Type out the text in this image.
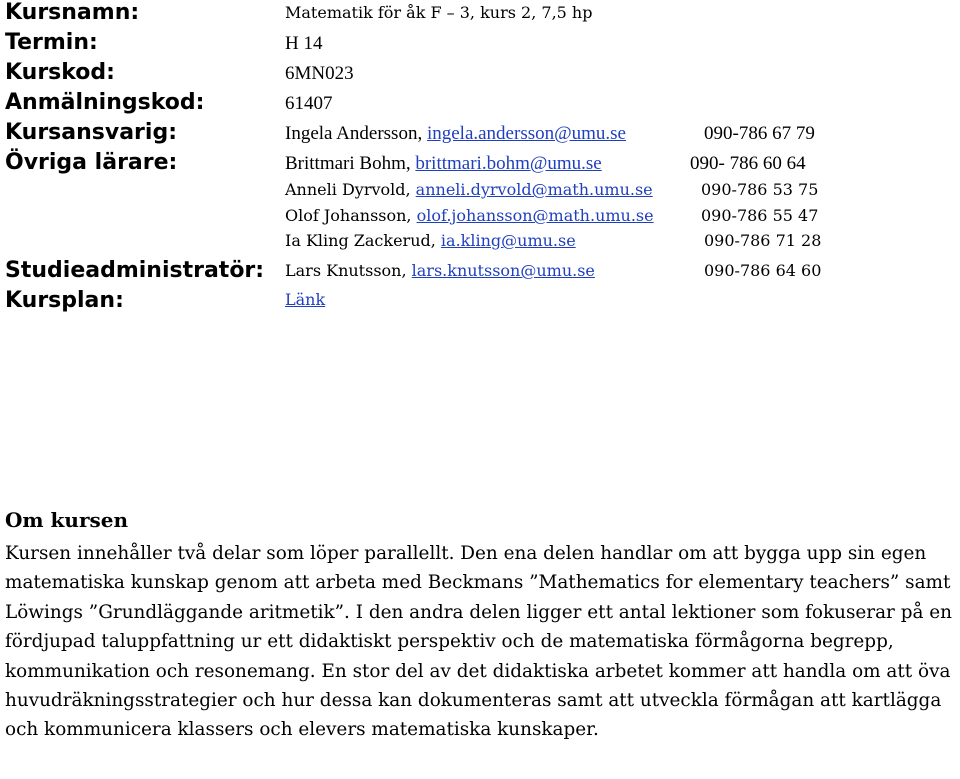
Kursnamn:	Matematik för åk F – 3, kurs 2, 7,5 hp
Termin:	H 14
Kurskod:	6MN023
Anmälningskod:	61407
Kursansvarig:	Ingela Andersson, ingela.andersson@umu.se	090-786 67 79
Övriga lärare:	Brittmari Bohm, brittmari.bohm@umu.se	090- 786 60 64
Anneli Dyrvold, anneli.dyrvold@math.umu.se	090-786 53 75
Olof Johansson, olof.johansson@math.umu.se	090-786 55 47
Ia Kling Zackerud, ia.kling@umu.se	090-786 71 28
Studieadministratör: Lars Knutsson, lars.knutsson@umu.se	090-786 64 60
Kursplan:	Länk
Om kursen

Kursen innehåller två delar som löper parallellt. Den ena delen handlar om att bygga upp sin egen matematiska kunskap genom att arbeta med Beckmans ”Mathematics for elementary teachers” samt Löwings ”Grundläggande aritmetik”. I den andra delen ligger ett antal lektioner som fokuserar på en fördjupad taluppfattning ur ett didaktiskt perspektiv och de matematiska förmågorna begrepp, kommunikation och resonemang. En stor del av det didaktiska arbetet kommer att handla om att öva huvudräkningsstrategier och hur dessa kan dokumenteras samt att utveckla förmågan att kartlägga och kommunicera klassers och elevers matematiska kunskaper.
